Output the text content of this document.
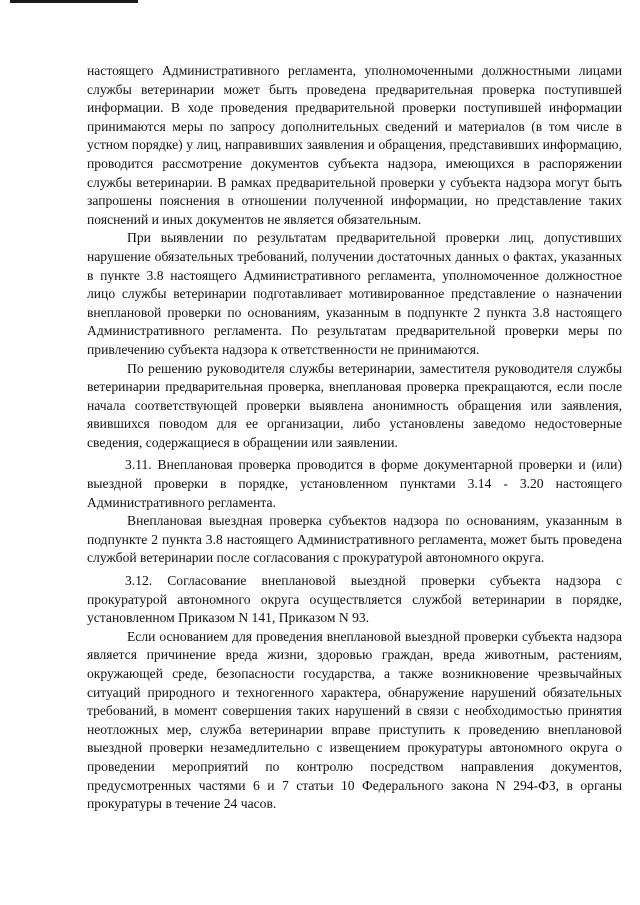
настоящего Административного регламента, уполномоченными должностными лицами службы ветеринарии может быть проведена предварительная проверка поступившей информации. В ходе проведения предварительной проверки поступившей информации принимаются меры по запросу дополнительных сведений и материалов (в том числе в устном порядке) у лиц, направивших заявления и обращения, представивших информацию, проводится рассмотрение документов субъекта надзора, имеющихся в распоряжении службы ветеринарии. В рамках предварительной проверки у субъекта надзора могут быть запрошены пояснения в отношении полученной информации, но представление таких пояснений и иных документов не является обязательным.

При выявлении по результатам предварительной проверки лиц, допустивших нарушение обязательных требований, получении достаточных данных о фактах, указанных в пункте 3.8 настоящего Административного регламента, уполномоченное должностное лицо службы ветеринарии подготавливает мотивированное представление о назначении внеплановой проверки по основаниям, указанным в подпункте 2 пункта 3.8 настоящего Административного регламента. По результатам предварительной проверки меры по привлечению субъекта надзора к ответственности не принимаются.

По решению руководителя службы ветеринарии, заместителя руководителя службы ветеринарии предварительная проверка, внеплановая проверка прекращаются, если после начала соответствующей проверки выявлена анонимность обращения или заявления, явившихся поводом для ее организации, либо установлены заведомо недостоверные сведения, содержащиеся в обращении или заявлении.

3.11. Внеплановая проверка проводится в форме документарной проверки и (или) выездной проверки в порядке, установленном пунктами 3.14 - 3.20 настоящего Административного регламента.

Внеплановая выездная проверка субъектов надзора по основаниям, указанным в подпункте 2 пункта 3.8 настоящего Административного регламента, может быть проведена службой ветеринарии после согласования с прокуратурой автономного округа.

3.12. Согласование внеплановой выездной проверки субъекта надзора с прокуратурой автономного округа осуществляется службой ветеринарии в порядке, установленном Приказом N 141, Приказом N 93.

Если основанием для проведения внеплановой выездной проверки субъекта надзора является причинение вреда жизни, здоровью граждан, вреда животным, растениям, окружающей среде, безопасности государства, а также возникновение чрезвычайных ситуаций природного и техногенного характера, обнаружение нарушений обязательных требований, в момент совершения таких нарушений в связи с необходимостью принятия неотложных мер, служба ветеринарии вправе приступить к проведению внеплановой выездной проверки незамедлительно с извещением прокуратуры автономного округа о проведении мероприятий по контролю посредством направления документов, предусмотренных частями 6 и 7 статьи 10 Федерального закона N 294-ФЗ, в органы прокуратуры в течение 24 часов.
